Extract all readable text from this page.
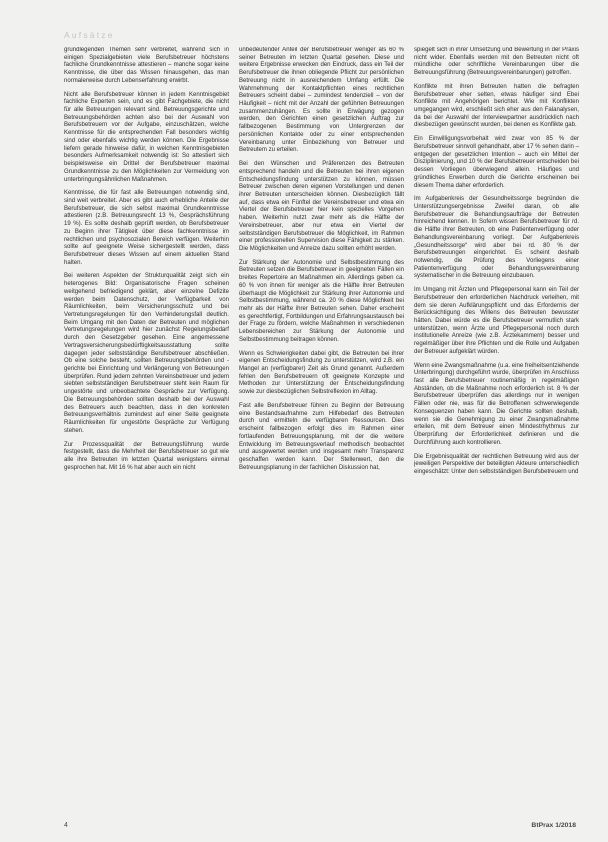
Aufsätze

grundlegenden Themen sehr verbreitet, während sich in einigen Spezialgebieten viele Berufsbetreuer höchstens fachliche Grundkenntnisse attestieren – manche sogar keine Kenntnisse, die über das Wissen hinausgehen, das man normalerweise durch Lebenserfahrung erwirbt.

Nicht alle Berufsbetreuer können in jedem Kenntnisgebiet fachliche Experten sein, und es gibt Fachgebiete, die nicht für alle Betreuungen relevant sind. Betreuungsgerichte und Betreuungsbehörden achten also bei der Auswahl von Berufsbetreuern vor der Aufgabe, einzuschätzen, welche Kenntnisse für die entsprechenden Fall besonders wichtig sind oder ebenfalls wichtig werden können. Die Ergebnisse liefern gerade hinweise dafür, in welchen Kenntnisgebieten besonders Aufmerksamkeit notwendig ist: So attestiert sich beispielsweise ein Drittel der Berufsbetreuer maximal Grundkenntnisse zu den Möglichkeiten zur Vermeidung von unterbringungsähnlichen Maßnahmen.

Kenntnisse, die für fast alle Betreuungen notwendig sind, sind weit verbreitet. Aber es gibt auch erhebliche Anteile der Berufsbetreuer, die sich selbst maximal Grundkenntnisse attestieren (z.B. Betreuungsrecht 13 %, Gesprächsführung 19 %). Es sollte deshalb geprüft werden, ob Berufsbetreuer zu Beginn ihrer Tätigkeit über diese fachkenntnisse im rechtlichen und psychosozialen Bereich verfügen. Weiterhin sollte auf geeignete Weise sichergestellt werden, dass Berufsbetreuer dieses Wissen auf einem aktuellen Stand halten.

Bei weiteren Aspekten der Strukturqualität zeigt sich ein heterogenes Bild: Organisatorische Fragen scheinen weitgehend befriedigend geklärt, aber einzelne Defizite werden beim Datenschutz, der Verfügbarkeit von Räumlichkeiten, beim Versicherungsschutz und bei Vertretungsregelungen für den Verhinderungsfall deutlich. Beim Umgang mit den Daten der Betreuten und möglichen Vertretungsregelungen wird hier zunächst Regelungsbedarf durch den Gesetzgeber gesehen. Eine angemessene Vertragsversicherungsbedürftigkeitsausstattung sollte dagegen jeder selbstständige Berufsbetreuer abschließen. Ob eine solche besteht, sollten Betreuungsbehörden und -gerichte bei Einrichtung und Verlängerung von Betreuungen überprüfen. Rund jedem zehnten Vereinsbetreuer und jedem siebten selbstständigen Berufsbetreuer steht kein Raum für ungestörte und unbeobachtete Gespräche zur Verfügung. Die Betreuungsbehörden sollten deshalb bei der Auswahl des Betreuers auch beachten, dass in den konkreten Betreuungsverhältnis zumindest auf einer Seite geeignete Räumlichkeiten für ungestörte Gespräche zur Verfügung stehen.

Zur Prozessqualität der Betreuungsführung wurde festgestellt, dass die Mehrheit der Berufsbetreuer so gut wie alle ihre Betreuten im letzten Quartal wenigstens einmal gesprochen hat. Mit 16 % hat aber auch ein nicht

unbedeutender Anteil der Berufsbetreuer weniger als 60 % seiner Betreuten im letzten Quartal gesehen. Diese und weitere Ergebnisse erwecken den Eindruck, dass ein Teil der Berufsbetreuer die ihnen obliegende Pflicht zur persönlichen Betreuung nicht in ausreichendem Umfang erfüllt. Die Wahrnehmung der Kontaktpflichten eines rechtlichen Betreuers scheint dabei – zumindest tendenziell – von der Häufigkeit – nicht mit der Anzahl der geführten Betreuungen zusammenzuhängen. Es sollte in Erwägung gezogen werden, den Gerichten einen gesetzlichen Auftrag zur fallbezogenen Bestimmung von Untergrenzen der persönlichen Kontakte oder zu einer entsprechenden Vereinbarung unter Einbeziehung von Betreuer und Betreutem zu erteilen.

Bei den Wünschen und Präferenzen des Betreuten entsprechend handeln und die Betreuten bei ihren eigenen Entscheidungsfindung unterstützen zu können, müssen Betreuer zwischen deren eigenen Vorstellungen und denen ihrer Betreuten unterscheiden können. Diesbezüglich fällt auf, dass etwa ein Fünftel der Vereinsbetreuer und etwa ein Viertel der Berufsbetreuer hier kein spezielles Vorgehen haben. Weiterhin nutzt zwar mehr als die Hälfte der Vereinsbetreuer, aber nur etwa ein Viertel der selbstständigen Berufsbetreuer die Möglichkeit, im Rahmen einer professionellen Supervision diese Fähigkeit zu stärken. Die Möglichkeiten und Anreize dazu sollten erhöht werden.

Zur Stärkung der Autonomie und Selbstbestimmung des Betreuten setzen die Berufsbetreuer in geeigneten Fällen ein breites Repertoire an Maßnahmen ein. Allerdings geben ca. 60 % von ihnen für weniger als die Hälfte ihrer Betreuten überhaupt die Möglichkeit zur Stärkung ihrer Autonomie und Selbstbestimmung, während ca. 20 % diese Möglichkeit bei mehr als der Hälfte ihrer Betreuten sehen. Daher erscheint es gerechtfertigt, Fortbildungen und Erfahrungsaustausch bei der Frage zu fördern, welche Maßnahmen in verschiedenen Lebensbereichen zur Stärkung der Autonomie und Selbstbestimmung beitragen können.

Wenn es Schwierigkeiten dabei gibt, die Betreuten bei ihrer eigenen Entscheidungsfindung zu unterstützen, wird z.B. ein Mangel an (verfügbarer) Zeit als Grund genannt. Außerdem fehlen den Berufsbetreuern oft geeignete Konzepte und Methoden zur Unterstützung der Entscheidungsfindung sowie zur diesbezüglichen Selbstreflexion im Alltag.

Fast alle Berufsbetreuer führen zu Beginn der Betreuung eine Bestandsaufnahme zum Hilfebedarf des Betreuten durch und ermitteln die verfügbaren Ressourcen. Dies erscheint fallbezogen erfolgt dies im Rahmen einer fortlaufenden Betreuungsplanung, mit der die weitere Entwicklung im Betreuungsverlauf methodisch beobachtet und ausgewertet werden und insgesamt mehr Transparenz geschaffen werden kann. Der Stellenwert, den die Betreuungsplanung in der fachlichen Diskussion hat,

spiegelt sich in ihrer Umsetzung und Bewertung in der Praxis nicht wider. Ebenfalls werden mit den Betreuten nicht oft mündliche oder schriftliche Vereinbarungen über die Betreuungsführung (Betreuungsvereinbarungen) getroffen.

Konflikte mit ihren Betreuten hatten die befragten Berufsbetreuer eher selten, etwas häufiger sind Ebei Konflikte mit Angehörigen berichtet. Wie mit Konflikten umgegangen wird, erschließt sich eher aus den Falanalysen, da bei der Auswahl der Interviewpartner ausdrücklich nach diesbezügen gewünscht wurden, bei denen es Konflikte gab.

Ein Einwilligungsvorbehalt wird zwar von 85 % der Berufsbetreuer sinnvoll gehandhabt, aber 17 % sehen darin – entgegen der gesetzlichen Intention – auch ein Mittel der Disziplinierung, und 10 % der Berufsbetreuer entscheiden bei dessen Vorliegen überwiegend allein. Häufiges und gründliches Erwerben durch die Gerichte erscheinen bei diesem Thema daher erforderlich.

Im Aufgabenkreis der Gesundheitssorge begründen die Unterstützungsergebnisse Zweifel daran, ob alle Berufsbetreuer die Behandlungsaufträge der Betreuten hinreichend kennen. In Sofern wissen Berufsbetreuer für rd. die Hälfte ihrer Betreuten, ob eine Patientenverfügung oder Behandlungsvereinbarung vorliegt. Der Aufgabenkreis „Gesundheitssorge“ wird aber bei rd. 80 % der Berufsbetreuungen eingerichtet. Es scheint deshalb notwendig, die Prüfung des Vorliegens einer Patientenverfügung oder Behandlungsvereinbarung systematischer in die Betreuung einzubauen.

Im Umgang mit Ärzten und Pflegepersonal kann ein Teil der Berufsbetreuer den erforderlichen Nachdruck verleihen, mit dem sie deren Aufklärungspflicht und das Erfordernis der Berücksichtigung des Willens des Betreuten bewusster hätten. Dabei würde es die Berufsbetreuer vermutlich stark unterstützen, wenn Ärzte und Pflegepersonal noch durch institutionelle Anreize (wie z.B. Ärztekammern) besser und regelmäßiger über ihre Pflichten und die Rolle und Aufgaben der Betreuer aufgeklärt würden.

Wenn eine Zwangsmaßnahme (u.a. eine freiheitsentziehende Unterbringung) durchgeführt wurde, überprüfen im Anschluss fast alle Berufsbetreuer routinemäßig in regelmäßigen Abständen, ob die Maßnahme noch erforderlich ist. 8 % der Berufsbetreuer überprüfen das allerdings nur in wenigen Fällen oder nie, was für die Betroffenen schwerwiegende Konsequenzen haben kann. Die Gerichte sollten deshalb, wenn sie die Genehmigung zu einer Zwangsmaßnahme erteilen, mit dem Betreuer einen Mindestrhythmus zur Überprüfung der Erforderlichkeit definieren und die Durchführung auch kontrollieren.

Die Ergebnisqualität der rechtlichen Betreuung wird aus der jeweiligen Perspektive der beteiligten Akteure unterschiedlich eingeschätzt: Unter den selbstständigen Berufsbetreuern und

4	BtPrax 1/2018
